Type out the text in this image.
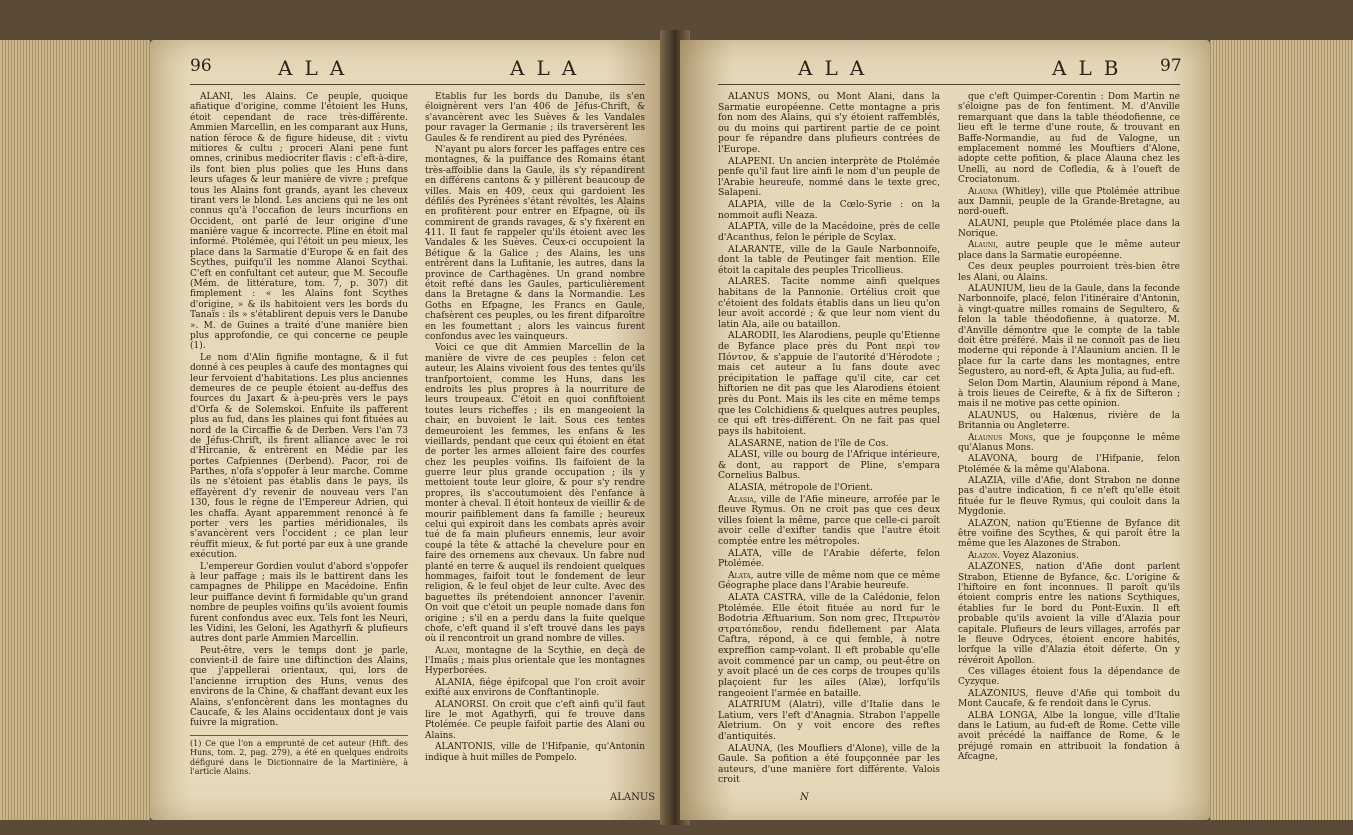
96	ALA	ALA

ALANI, les Alains. Ce peuple, quoique afiatique d'origine, comme l'étoient les Huns, étoit cependant de race très-différente. Ammien Marcellin, en les comparant aux Huns, nation féroce & de figure hideuse, dit : vivtu mitiores & cultu ; proceri Alani pene funt omnes, crinibus mediocriter flavis : c'eft-à-dire, ils font bien plus polies que les Huns dans leurs ufages & leur manière de vivre ; prefque tous les Alains font grands, ayant les cheveux tirant vers le blond. Les anciens qui ne les ont connus qu'à l'occafion de leurs incurfions en Occident, ont parlé de leur origine d'une manière vague & incorrecte. Pline en étoit mal informé. Ptolémée, qui l'étoit un peu mieux, les place dans la Sarmatie d'Europe & en fait des Scythes, puifqu'il les nomme Alanoi Scythai. C'eft en confultant cet auteur, que M. Secoufle (Mém. de littérature, tom. 7, p. 307) dit fimplement : « les Alains font Scythes d'origine, » & ils habitoient vers les bords du Tanaïs : ils » s'établirent depuis vers le Danube ». M. de Guines a traité d'une manière bien plus approfondie, ce qui concerne ce peuple (1).

Le nom d'Alin fignifie montagne, & il fut donné à ces peuples à caufe des montagnes qui leur fervoient d'habitations. Les plus anciennes demeures de ce peuple étoient au-deffus des fources du Jaxart & à-peu-près vers le pays d'Orfa & de Solemskoi. Enfuite ils pafferent plus au fud, dans les plaines qui font fituées au nord de la Circaffie & de Derben. Vers l'an 73 de Jéfus-Chrift, ils firent alliance avec le roi d'Hircanie, & entrèrent en Médie par les portes Cafpiennes (Derbend). Pacor, roi de Parthes, n'ofa s'oppofer à leur marche. Comme ils ne s'étoient pas établis dans le pays, ils effayèrent d'y revenir de nouveau vers l'an 130, fous le règne de l'Empereur Adrien, qui les chaffa. Ayant apparemment renoncé à fe porter vers les parties méridionales, ils s'avancèrent vers l'occident ; ce plan leur réuffit mieux, & fut porté par eux à une grande exécution.

L'empereur Gordien voulut d'abord s'oppofer à leur paffage ; mais ils le battirent dans les campagnes de Philippe en Macédoine. Enfin leur puiffance devint fi formidable qu'un grand nombre de peuples voifins qu'ils avoient foumis furent confondus avec eux. Tels font les Neuri, les Vidini, les Geloni, les Agathyrfi & plufieurs autres dont parle Ammien Marcellin.

Peut-être, vers le temps dont je parle, convient-il de faire une diftinction des Alains, que j'appellerai orientaux, qui, lors de l'ancienne irruption des Huns, venus des environs de la Chine, & chaffant devant eux les Alains, s'enfoncèrent dans les montagnes du Caucafe, & les Alains occidentaux dont je vais fuivre la migration.

(1) Ce que l'on a emprunté de cet auteur (Hift. des Huns, tom. 2, pag. 279), a été en quelques endroits défiguré dans le Dictionnaire de la Martinière, à l'article Alains.

Etablis fur les bords du Danube, ils s'en éloignèrent vers l'an 406 de Jéfus-Chrift, & s'avancèrent avec les Suèves & les Vandales pour ravager la Germanie ; ils traversèrent les Gaules & fe rendirent au pied des Pyrénées.

N'ayant pu alors forcer les paffages entre ces montagnes, & la puiffance des Romains étant très-affoiblie dans la Gaule, ils s'y répandirent en différens cantons & y pillèrent beaucoup de villes. Mais en 409, ceux qui gardoient les défilés des Pyrénées s'étant révoltés, les Alains en profitèrent pour entrer en Efpagne, où ils commirent de grands ravages, & s'y fixèrent en 411. Il faut fe rappeler qu'ils étoient avec les Vandales & les Suèves. Ceux-ci occupoient la Bétique & la Galice ; des Alains, les uns entrèrent dans la Lufitanie, les autres, dans la province de Carthagènes. Un grand nombre étoit refté dans les Gaules, particulièrement dans la Bretagne & dans la Normandie. Les Goths en Efpagne, les Francs en Gaule, chafsèrent ces peuples, ou les firent difparoître en les foumettant ; alors les vaincus furent confondus avec les vainqueurs.

Voici ce que dit Ammien Marcellin de la manière de vivre de ces peuples : felon cet auteur, les Alains vivoient fous des tentes qu'ils tranfportoient, comme les Huns, dans les endroits les plus propres à la nourriture de leurs troupeaux. C'étoit en quoi confiftoient toutes leurs richeffes ; ils en mangeoient la chair, en buvoient le lait. Sous ces tentes demeuroient les femmes, les enfans & les vieillards, pendant que ceux qui étoient en état de porter les armes alloient faire des courfes chez les peuples voifins. Ils faifoient de la guerre leur plus grande occupation ; ils y mettoient toute leur gloire, & pour s'y rendre propres, ils s'accoutumoient dès l'enfance à monter à cheval. Il étoit honteux de vieillir & de mourir paifiblement dans fa famille ; heureux celui qui expiroit dans les combats après avoir tué de fa main plufieurs ennemis, leur avoir coupé la tête & attaché la chevelure pour en faire des ornemens aux chevaux. Un fabre nud planté en terre & auquel ils rendoient quelques hommages, faifoit tout le fondement de leur religion, & le feul objet de leur culte. Avec des baguettes ils prétendoient annoncer l'avenir. On voit que c'étoit un peuple nomade dans fon origine ; s'il en a perdu dans la fuite quelque chofe, c'eft quand il s'eft trouvé dans les pays où il rencontroit un grand nombre de villes.

Alani, montagne de la Scythie, en deçà de l'Imaüs ; mais plus orientale que les montagnes Hyperborées.

ALANIA, fiége épifcopal que l'on croit avoir exifté aux environs de Conftantinople.

ALANORSI. On croit que c'eft ainfi qu'il faut lire le mot Agathyrfi, qui fe trouve dans Ptolémée. Ce peuple faifoit partie des Alani ou Alains.

ALANTONIS, ville de l'Hifpanie, qu'Antonin indique à huit milles de Pompelo.

ALANUS
ALA	ALB 97

ALANUS MONS, ou Mont Alani, dans la Sarmatie européenne. Cette montagne a pris fon nom des Alains, qui s'y étoient raffemblés, ou du moins qui partirent partie de ce point pour fe répandre dans plufieurs contrées de l'Europe.

ALAPENI. Un ancien interprète de Ptolémée penfe qu'il faut lire ainfi le nom d'un peuple de l'Arabie heureufe, nommé dans le texte grec, Salapeni.

ALAPIA, ville de la Cœlo-Syrie : on la nommoit aufli Neaza.

ALAPTA, ville de la Macédoine, près de celle d'Acanthus, felon le périple de Scylax.

ALARANTE, ville de la Gaule Narbonnoife, dont la table de Peutinger fait mention. Elle étoit la capitale des peuples Tricollieus.

ALARES. Tacite nomme ainfi quelques habitans de la Pannonie. Ortélius croit que c'étoient des foldats établis dans un lieu qu'on leur avoit accordé ; & que leur nom vient du latin Ala, aile ou bataillon.

ALARODII, les Alarodiens, peuple qu'Etienne de Byfance place près du Pont περὶ τον Πόντον, & s'appuie de l'autorité d'Hérodote ; mais cet auteur a lu fans doute avec précipitation le paffage qu'il cite, car cet hiftorien ne dit pas que les Alarodiens étoient près du Pont. Mais ils les cite en même temps que les Colchidiens & quelques autres peuples, ce qui eft très-différent. On ne fait pas quel pays ils habitoient.

ALASARNE, nation de l'île de Cos.

ALASI, ville ou bourg de l'Afrique intérieure, & dont, au rapport de Pline, s'empara Cornelius Balbus.

ALASIA, métropole de l'Orient.

Alasia, ville de l'Afie mineure, arrofée par le fleuve Rymus. On ne croit pas que ces deux villes foient la même, parce que celle-ci paroît avoir celle d'exifter tandis que l'autre étoit comptée entre les métropoles.

ALATA, ville de l'Arabie déferte, felon Ptolémée.

Alata, autre ville de même nom que ce même Géographe place dans l'Arabie heureufe.

ALATA CASTRA, ville de la Calédonie, felon Ptolémée. Elle étoit fituée au nord fur le Bodotria Æftuarium. Son nom grec, Πτερωτὸν στρατόπεδον, rendu fidellement par Alata Caftra, répond, à ce qui femble, à notre expreffion camp-volant. Il eft probable qu'elle avoit commencé par un camp, ou peut-être on y avoit placé un de ces corps de troupes qu'ils plaçoient fur les ailes (Alæ), lorfqu'ils rangeoient l'armée en bataille.

ALATRIUM (Alatri), ville d'Italie dans le Latium, vers l'eft d'Anagnia. Strabon l'appelle Aletrium. On y voit encore des reftes d'antiquités.

ALAUNA, (les Moufliers d'Alone), ville de la Gaule. Sa pofition a été foupçonnée par les auteurs, d'une manière fort différente. Valois croit

que c'eft Quimper-Corentin : Dom Martin ne s'éloigne pas de fon fentiment. M. d'Anville remarquant que dans la table théodofienne, ce lieu eft le terme d'une route, & trouvant en Baffe-Normandie, au fud de Valogne, un emplacement nommé les Mouftiers d'Alone, adopte cette pofition, & place Alauna chez les Unelli, au nord de Cofledia, & à l'oueft de Crociatonum.

Alauna (Whitley), ville que Ptolémée attribue aux Damnii, peuple de la Grande-Bretagne, au nord-oueft.

ALAUNI, peuple que Ptolémée place dans la Norique.

Alauni, autre peuple que le même auteur place dans la Sarmatie européenne.

Ces deux peuples pourroient très-bien être les Alani, ou Alains.

ALAUNIUM, lieu de la Gaule, dans la feconde Narbonnoife, placé, felon l'itinéraire d'Antonin, à vingt-quatre milles romains de Segultero, & felon la table théodofienne, à quatorze. M. d'Anville démontre que le compte de la table doit être préféré. Mais il ne connoît pas de lieu moderne qui réponde à l'Alaunium ancien. Il le place fur la carte dans les montagnes, entre Segustero, au nord-eft, & Apta Julia, au fud-eft.

Selon Dom Martin, Alaunium répond à Mane, à trois lieues de Ceirefte, & à fix de Sifteron ; mais il ne motive pas cette opinion.

ALAUNUS, ou Halœnus, rivière de la Britannia ou Angleterre.

Alaunus Mons, que je foupçonne le même qu'Alanus Mons.

ALAVONA, bourg de l'Hifpanie, felon Ptolémée & la même qu'Alabona.

ALAZIA, ville d'Afie, dont Strabon ne donne pas d'autre indication, fi ce n'eft qu'elle étoit fituée fur le fleuve Rymus, qui couloit dans la Mygdonie.

ALAZON, nation qu'Etienne de Byfance dit être voifine des Scythes, & qui paroît être la même que les Alazones de Strabon.

Alazon. Voyez Alazonius.

ALAZONES, nation d'Afie dont parlent Strabon, Etienne de Byfance, &c. L'origine & l'hiftoire en font inconnues. Il paroît qu'ils étoient compris entre les nations Scythiques, établies fur le bord du Pont-Euxin. Il eft probable qu'ils avoient la ville d'Alazia pour capitale. Plufieurs de leurs villages, arrofés par le fleuve Odryces, étoient encore habités, lorfque la ville d'Alazia étoit déferte. On y révéroit Apollon.

Ces villages étoient fous la dépendance de Cyzyque.

ALAZONIUS, fleuve d'Afie qui tomboit du Mont Caucafe, & fe rendoit dans le Cyrus.

ALBA LONGA, Albe la longue, ville d'Italie dans le Latium, au fud-eft de Rome. Cette ville avoit précédé la naiffance de Rome, & le préjugé romain en attribuoit la fondation à Afcagne,

N
